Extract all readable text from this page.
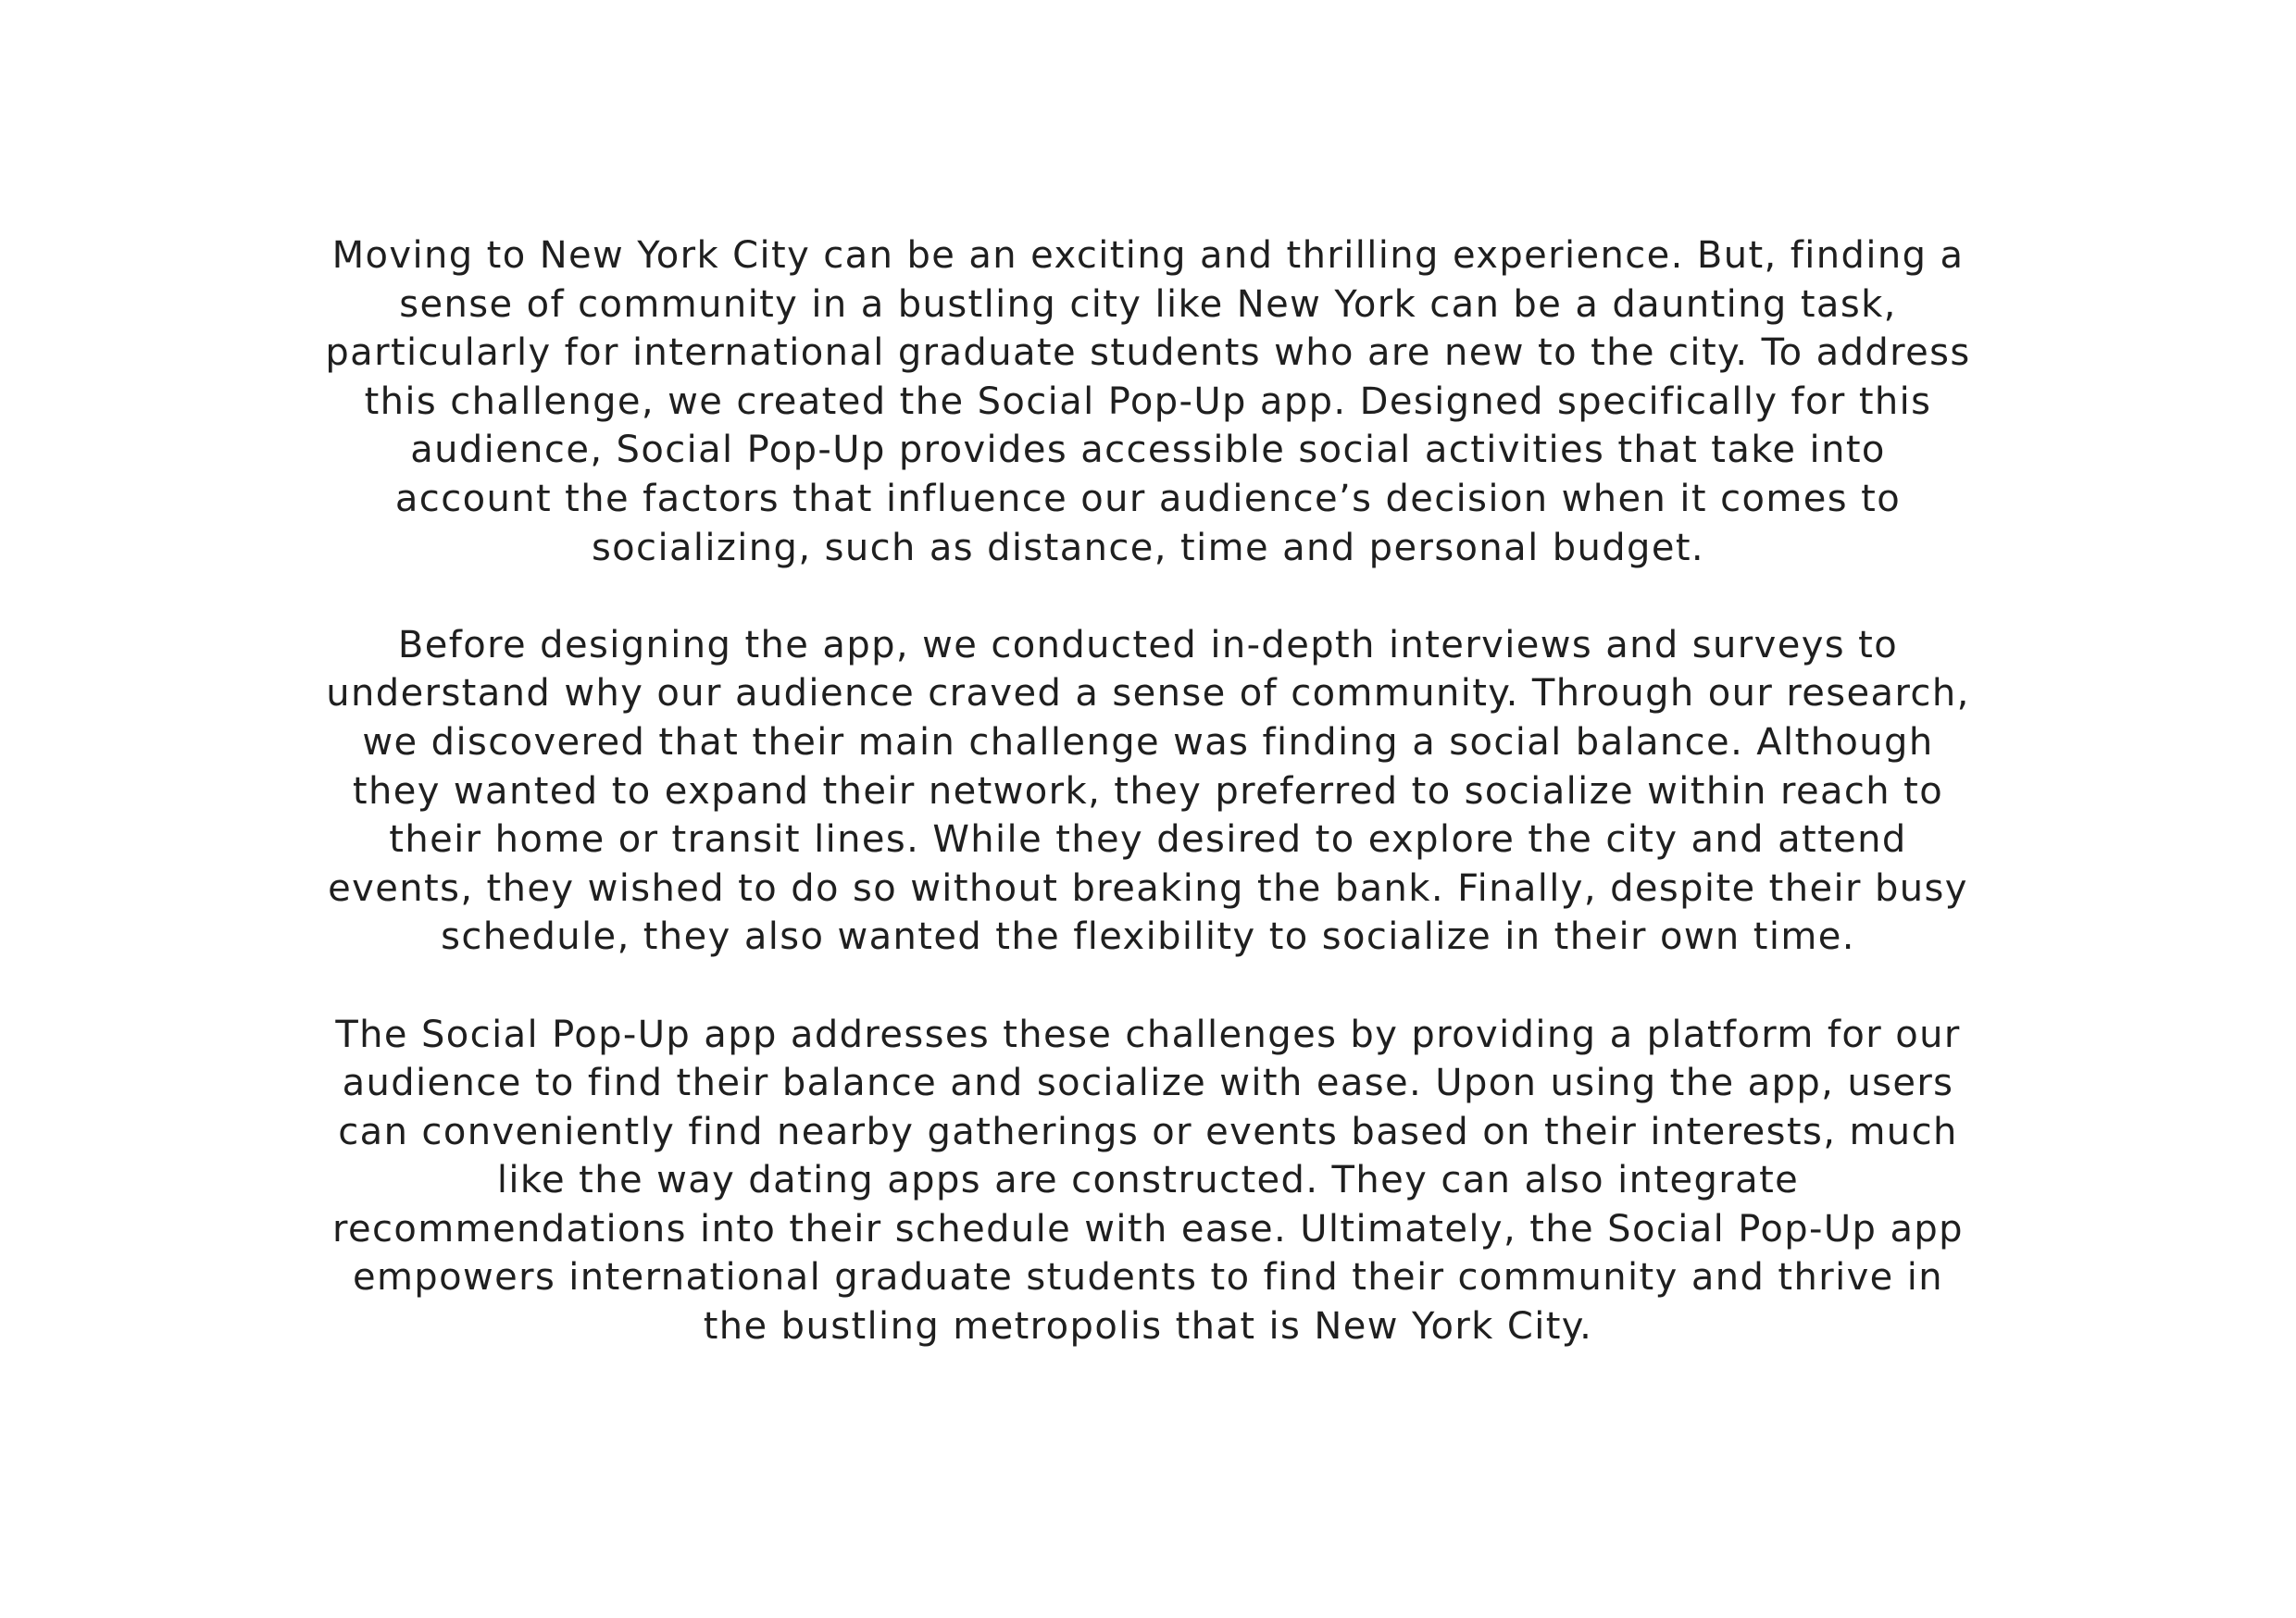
Moving to New York City can be an exciting and thrilling experience. But, finding a
sense of community in a bustling city like New York can be a daunting task,
particularly for international graduate students who are new to the city. To address
this challenge, we created the Social Pop-Up app. Designed specifically for this
audience, Social Pop-Up provides accessible social activities that take into
account the factors that influence our audience’s decision when it comes to
socializing, such as distance, time and personal budget.

Before designing the app, we conducted in-depth interviews and surveys to
understand why our audience craved a sense of community. Through our research,
we discovered that their main challenge was finding a social balance. Although
they wanted to expand their network, they preferred to socialize within reach to
their home or transit lines. While they desired to explore the city and attend
events, they wished to do so without breaking the bank. Finally, despite their busy
schedule, they also wanted the flexibility to socialize in their own time.

The Social Pop-Up app addresses these challenges by providing a platform for our
audience to find their balance and socialize with ease. Upon using the app, users
can conveniently find nearby gatherings or events based on their interests, much
like the way dating apps are constructed. They can also integrate
recommendations into their schedule with ease. Ultimately, the Social Pop-Up app
empowers international graduate students to find their community and thrive in
the bustling metropolis that is New York City.
